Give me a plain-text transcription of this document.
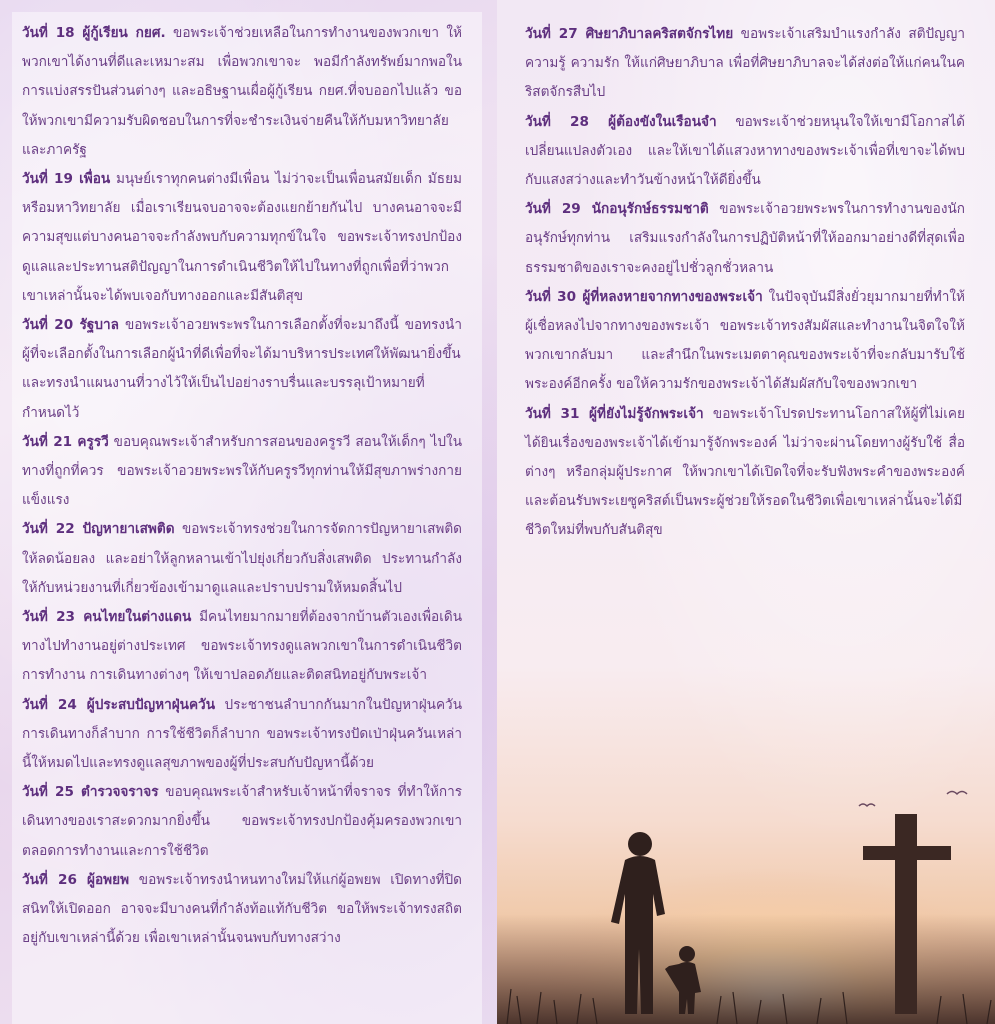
วันที่ 18 ผู้กู้เรียน กยศ. ขอพระเจ้าช่วยเหลือในการทำงานของพวกเขา ให้พวกเขาได้งานที่ดีและเหมาะสม เพื่อพวกเขาจะ พอมีกำลังทรัพย์มากพอในการแบ่งสรรปันส่วนต่างๆ และอธิษฐานเผื่อผู้กู้เรียน กยศ.ที่จบออกไปแล้ว ขอให้พวกเขามีความรับผิดชอบในการที่จะชำระเงินจ่ายคืนให้กับมหาวิทยาลัยและภาครัฐ

วันที่ 19 เพื่อน มนุษย์เราทุกคนต่างมีเพื่อน ไม่ว่าจะเป็นเพื่อนสมัยเด็ก มัธยม หรือมหาวิทยาลัย เมื่อเราเรียนจบอาจจะต้องแยกย้ายกันไป บางคนอาจจะมีความสุขแต่บางคนอาจจะกำลังพบกับความทุกข์ในใจ ขอพระเจ้าทรงปกป้องดูแลและประทานสติปัญญาในการดำเนินชีวิตให้ไปในทางที่ถูกเพื่อที่ว่าพวกเขาเหล่านั้นจะได้พบเจอกับทางออกและมีสันติสุข

วันที่ 20 รัฐบาล ขอพระเจ้าอวยพระพรในการเลือกตั้งที่จะมาถึงนี้ ขอทรงนำผู้ที่จะเลือกตั้งในการเลือกผู้นำที่ดีเพื่อที่จะได้มาบริหารประเทศให้พัฒนายิ่งขึ้น และทรงนำแผนงานที่วางไว้ให้เป็นไปอย่างราบรื่นและบรรลุเป้าหมายที่กำหนดไว้

วันที่ 21 ครูรวี ขอบคุณพระเจ้าสำหรับการสอนของครูรวี สอนให้เด็กๆ ไปในทางที่ถูกที่ควร ขอพระเจ้าอวยพระพรให้กับครูรวีทุกท่านให้มีสุขภาพร่างกายแข็งแรง

วันที่ 22 ปัญหายาเสพติด ขอพระเจ้าทรงช่วยในการจัดการปัญหายาเสพติดให้ลดน้อยลง และอย่าให้ลูกหลานเข้าไปยุ่งเกี่ยวกับสิ่งเสพติด ประทานกำลังให้กับหน่วยงานที่เกี่ยวข้องเข้ามาดูแลและปราบปรามให้หมดสิ้นไป

วันที่ 23 คนไทยในต่างแดน มีคนไทยมากมายที่ต้องจากบ้านตัวเองเพื่อเดินทางไปทำงานอยู่ต่างประเทศ ขอพระเจ้าทรงดูแลพวกเขาในการดำเนินชีวิต การทำงาน การเดินทางต่างๆ ให้เขาปลอดภัยและติดสนิทอยู่กับพระเจ้า

วันที่ 24 ผู้ประสบปัญหาฝุ่นควัน ประชาชนลำบากกันมากในปัญหาฝุ่นควัน การเดินทางก็ลำบาก การใช้ชีวิตก็ลำบาก ขอพระเจ้าทรงปัดเป่าฝุ่นควันเหล่านี้ให้หมดไปและทรงดูแลสุขภาพของผู้ที่ประสบกับปัญหานี้ด้วย

วันที่ 25 ตำรวจจราจร ขอบคุณพระเจ้าสำหรับเจ้าหน้าที่จราจร ที่ทำให้การเดินทางของเราสะดวกมากยิ่งขึ้น ขอพระเจ้าทรงปกป้องคุ้มครองพวกเขาตลอดการทำงานและการใช้ชีวิต

วันที่ 26 ผู้อพยพ ขอพระเจ้าทรงนำหนทางใหม่ให้แก่ผู้อพยพ เปิดทางที่ปิดสนิทให้เปิดออก อาจจะมีบางคนที่กำลังท้อแท้กับชีวิต ขอให้พระเจ้าทรงสถิตอยู่กับเขาเหล่านี้ด้วย เพื่อเขาเหล่านั้นจนพบกับทางสว่าง

วันที่ 27 ศิษยาภิบาลคริสตจักรไทย ขอพระเจ้าเสริมบำแรงกำลัง สติปัญญา ความรู้ ความรัก ให้แก่ศิษยาภิบาล เพื่อที่ศิษยาภิบาลจะได้ส่งต่อให้แก่คนในคริสตจักรสืบไป

วันที่ 28 ผู้ต้องขังในเรือนจำ ขอพระเจ้าช่วยหนุนใจให้เขามีโอกาสได้เปลี่ยนแปลงตัวเอง และให้เขาได้แสวงหาทางของพระเจ้าเพื่อที่เขาจะได้พบกับแสงสว่างและทำวันข้างหน้าให้ดียิ่งขึ้น

วันที่ 29 นักอนุรักษ์ธรรมชาติ ขอพระเจ้าอวยพระพรในการทำงานของนักอนุรักษ์ทุกท่าน เสริมแรงกำลังในการปฏิบัติหน้าที่ให้ออกมาอย่างดีที่สุดเพื่อธรรมชาติของเราจะคงอยู่ไปชั่วลูกชั่วหลาน

วันที่ 30 ผู้ที่หลงหายจากทางของพระเจ้า ในปัจจุบันมีสิ่งยั่วยุมากมายที่ทำให้ผู้เชื่อหลงไปจากทางของพระเจ้า ขอพระเจ้าทรงสัมผัสและทำงานในจิตใจให้พวกเขากลับมา และสำนึกในพระเมตตาคุณของพระเจ้าที่จะกลับมารับใช้พระองค์อีกครั้ง ขอให้ความรักของพระเจ้าได้สัมผัสกับใจของพวกเขา

วันที่ 31 ผู้ที่ยังไม่รู้จักพระเจ้า ขอพระเจ้าโปรดประทานโอกาสให้ผู้ที่ไม่เคยได้ยินเรื่องของพระเจ้าได้เข้ามารู้จักพระองค์ ไม่ว่าจะผ่านโดยทางผู้รับใช้ สื่อต่างๆ หรือกลุ่มผู้ประกาศ ให้พวกเขาได้เปิดใจที่จะรับฟังพระคำของพระองค์และต้อนรับพระเยซูคริสต์เป็นพระผู้ช่วยให้รอดในชีวิตเพื่อเขาเหล่านั้นจะได้มีชีวิตใหม่ที่พบกับสันติสุข
